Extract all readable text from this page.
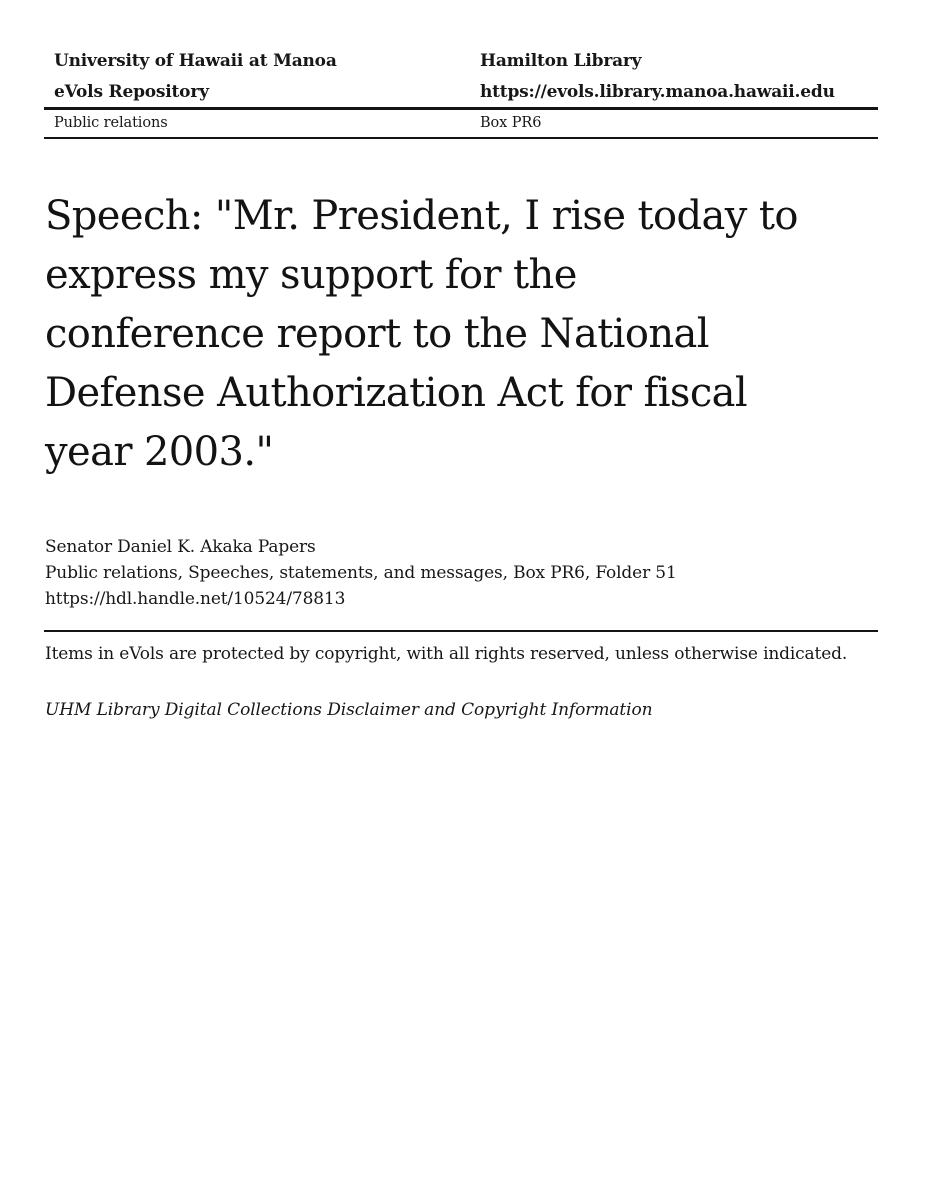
University of Hawaii at Manoa
eVols Repository
Hamilton Library
https://evols.library.manoa.hawaii.edu
Public relations	Box PR6
Speech: "Mr. President, I rise today to
express my support for the
conference report to the National
Defense Authorization Act for fiscal
year 2003."
Senator Daniel K. Akaka Papers
Public relations, Speeches, statements, and messages, Box PR6, Folder 51
https://hdl.handle.net/10524/78813
Items in eVols are protected by copyright, with all rights reserved, unless otherwise indicated.
UHM Library Digital Collections Disclaimer and Copyright Information
